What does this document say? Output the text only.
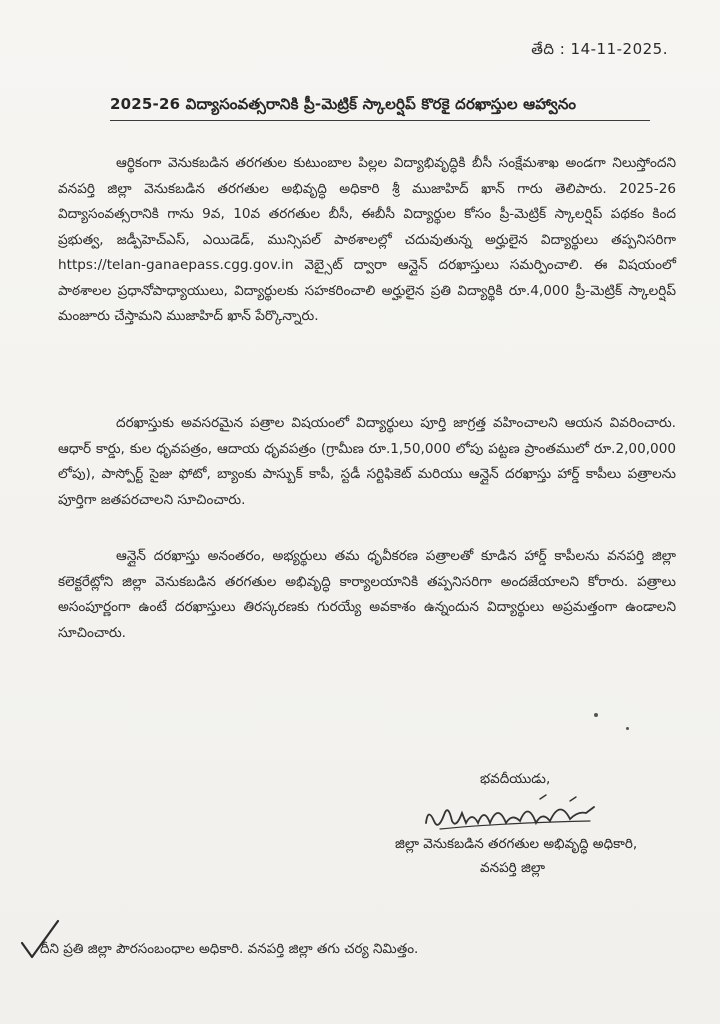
తేది : 14-11-2025.
2025-26 విద్యాసంవత్సరానికి ప్రీ-మెట్రిక్ స్కాలర్షిప్ కొరకై దరఖాస్తుల ఆహ్వానం
ఆర్థికంగా వెనుకబడిన తరగతుల కుటుంబాల పిల్లల విద్యాభివృద్ధికి బీసీ సంక్షేమశాఖ అండగా నిలుస్తోందని వనపర్తి జిల్లా వెనుకబడిన తరగతుల అభివృద్ధి అధికారి శ్రీ ముజాహిద్ ఖాన్ గారు తెలిపారు. 2025-26 విద్యాసంవత్సరానికి గాను 9వ, 10వ తరగతుల బీసీ, ఈబీసీ విద్యార్థుల కోసం ప్రీ-మెట్రిక్ స్కాలర్షిప్ పథకం కింద ప్రభుత్వ, జడ్పీహెచ్ఎస్, ఎయిడెడ్, మున్సిపల్ పాఠశాలల్లో చదువుతున్న అర్హులైన విద్యార్థులు తప్పనిసరిగా https://telan-ganaepass.cgg.gov.in వెబ్సైట్ ద్వారా ఆన్లైన్ దరఖాస్తులు సమర్పించాలి. ఈ విషయంలో పాఠశాలల ప్రధానోపాధ్యాయులు, విద్యార్థులకు సహకరించాలి అర్హులైన ప్రతి విద్యార్థికి రూ.4,000 ప్రీ-మెట్రిక్ స్కాలర్షిప్ మంజూరు చేస్తామని ముజాహిద్ ఖాన్ పేర్కొన్నారు.
దరఖాస్తుకు అవసరమైన పత్రాల విషయంలో విద్యార్థులు పూర్తి జాగ్రత్త వహించాలని ఆయన వివరించారు. ఆధార్ కార్డు, కుల ధృవపత్రం, ఆదాయ ధృవపత్రం (గ్రామీణ రూ.1,50,000 లోపు పట్టణ ప్రాంతములో రూ.2,00,000 లోపు), పాస్పోర్ట్ సైజు ఫోటో, బ్యాంకు పాస్బుక్ కాపీ, స్టడీ సర్టిఫికెట్ మరియు ఆన్లైన్ దరఖాస్తు హార్డ్ కాపీలు పత్రాలను పూర్తిగా జతపరచాలని సూచించారు.
ఆన్లైన్ దరఖాస్తు అనంతరం, అభ్యర్థులు తమ ధృవీకరణ పత్రాలతో కూడిన హార్డ్ కాపీలను వనపర్తి జిల్లా కలెక్టరేట్లోని జిల్లా వెనుకబడిన తరగతుల అభివృద్ధి కార్యాలయానికి తప్పనిసరిగా అందజేయాలని కోరారు. పత్రాలు అసంపూర్ణంగా ఉంటే దరఖాస్తులు తిరస్కరణకు గురయ్యే అవకాశం ఉన్నందున విద్యార్థులు అప్రమత్తంగా ఉండాలని సూచించారు.
భవదీయుడు,
జిల్లా వెనుకబడిన తరగతుల అభివృద్ధి అధికారి,
వనపర్తి జిల్లా
దీని ప్రతి జిల్లా పౌరసంబంధాల అధికారి. వనపర్తి జిల్లా తగు చర్య నిమిత్తం.
